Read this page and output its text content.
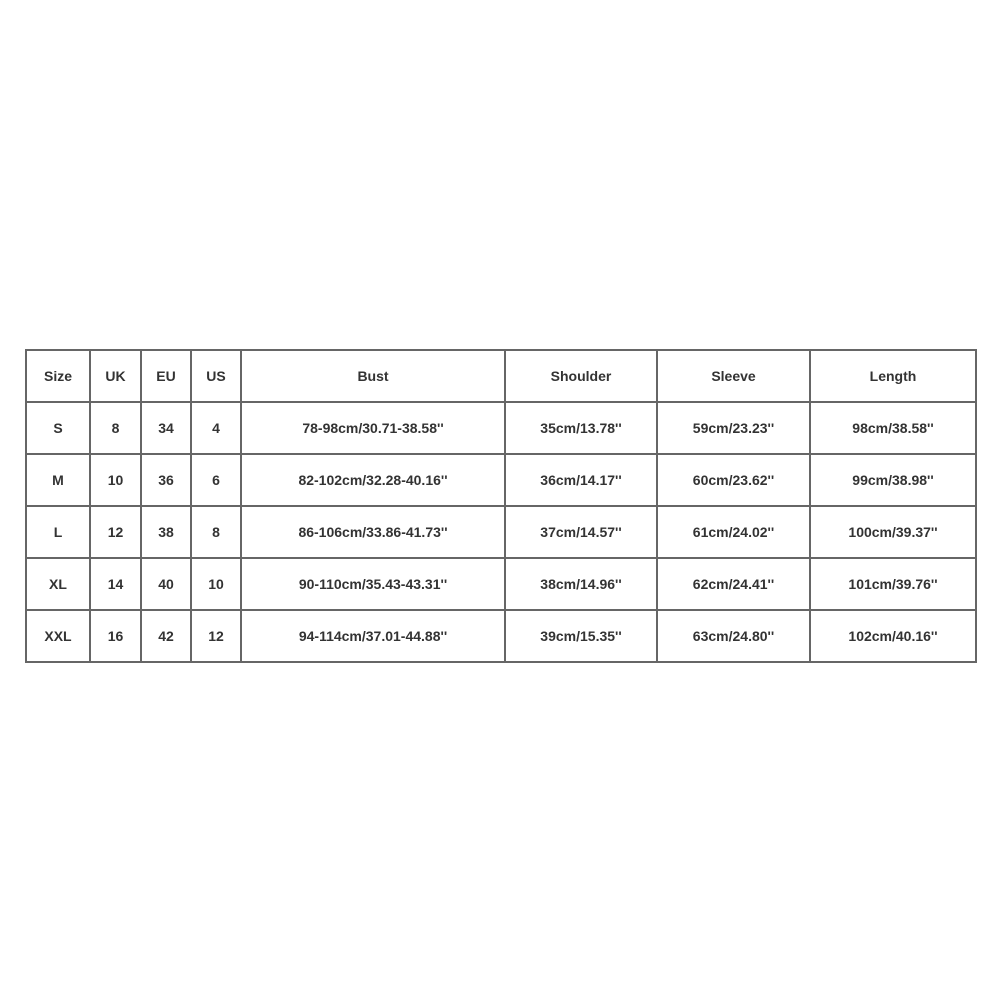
Size	UK	EU	US	Bust	Shoulder	Sleeve	Length
S	8	34	4	78-98cm/30.71-38.58''	35cm/13.78''	59cm/23.23''	98cm/38.58''
M	10	36	6	82-102cm/32.28-40.16''	36cm/14.17''	60cm/23.62''	99cm/38.98''
L	12	38	8	86-106cm/33.86-41.73''	37cm/14.57''	61cm/24.02''	100cm/39.37''
XL	14	40	10	90-110cm/35.43-43.31''	38cm/14.96''	62cm/24.41''	101cm/39.76''
XXL	16	42	12	94-114cm/37.01-44.88''	39cm/15.35''	63cm/24.80''	102cm/40.16''
